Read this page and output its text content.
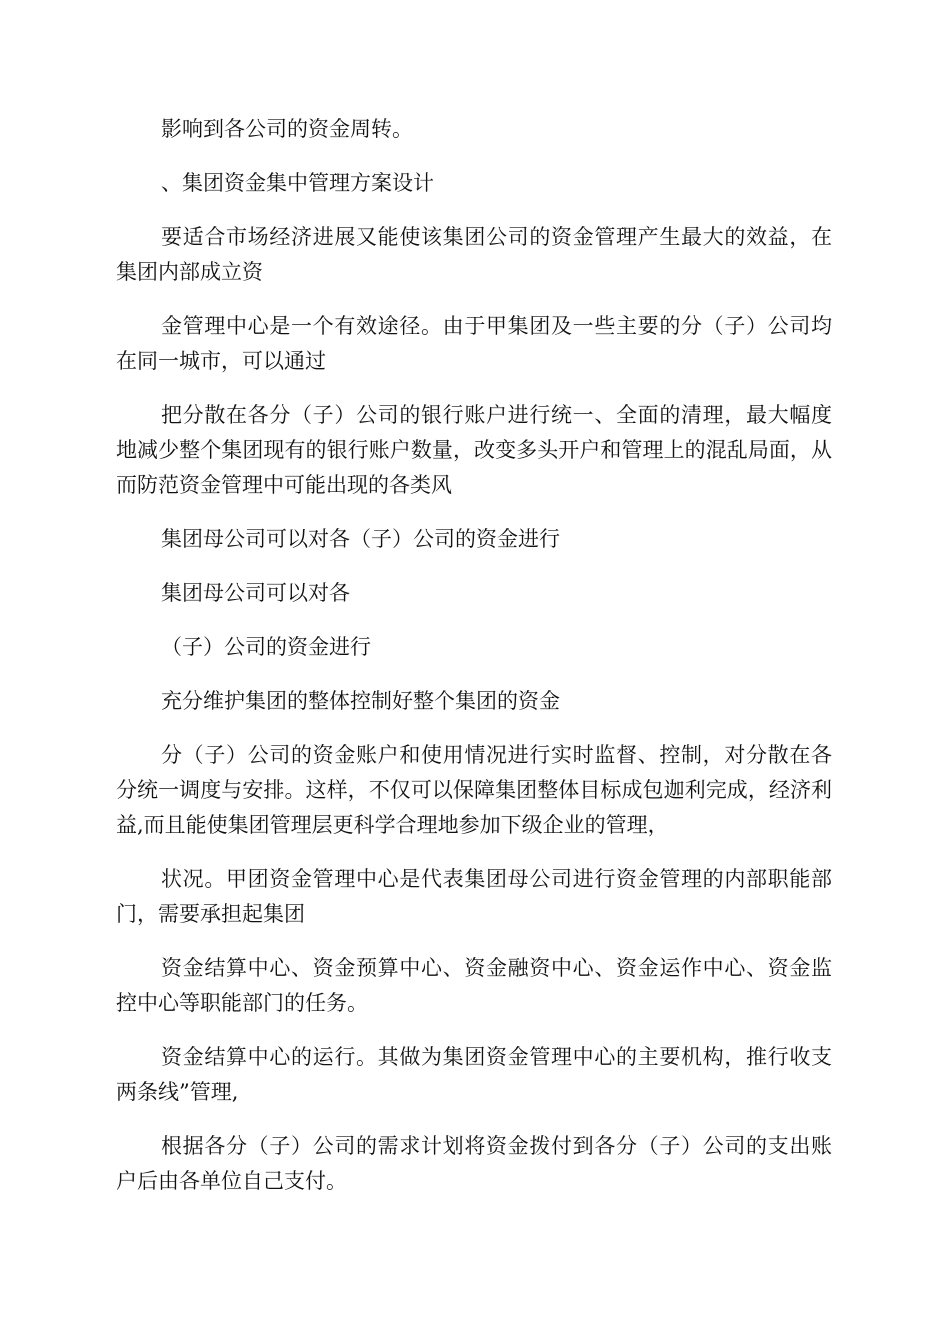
影响到各公司的资金周转。

、集团资金集中管理方案设计

要适合市场经济进展又能使该集团公司的资金管理产生最大的效益，在集团内部成立资

金管理中心是一个有效途径。由于甲集团及一些主要的分（子）公司均在同一城市，可以通过

把分散在各分（子）公司的银行账户进行统一、全面的清理，最大幅度地减少整个集团现有的银行账户数量，改变多头开户和管理上的混乱局面，从而防范资金管理中可能出现的各类风

集团母公司可以对各（子）公司的资金进行

集团母公司可以对各

（子）公司的资金进行

充分维护集团的整体控制好整个集团的资金

分（子）公司的资金账户和使用情况进行实时监督、控制，对分散在各分统一调度与安排。这样，不仅可以保障集团整体目标成包迦利完成，经济利益,而且能使集团管理层更科学合理地参加下级企业的管理，

状况。甲团资金管理中心是代表集团母公司进行资金管理的内部职能部门，需要承担起集团

资金结算中心、资金预算中心、资金融资中心、资金运作中心、资金监控中心等职能部门的任务。

资金结算中心的运行。其做为集团资金管理中心的主要机构，推行收支两条线”管理,

根据各分（子）公司的需求计划将资金拨付到各分（子）公司的支出账户后由各单位自己支付。
